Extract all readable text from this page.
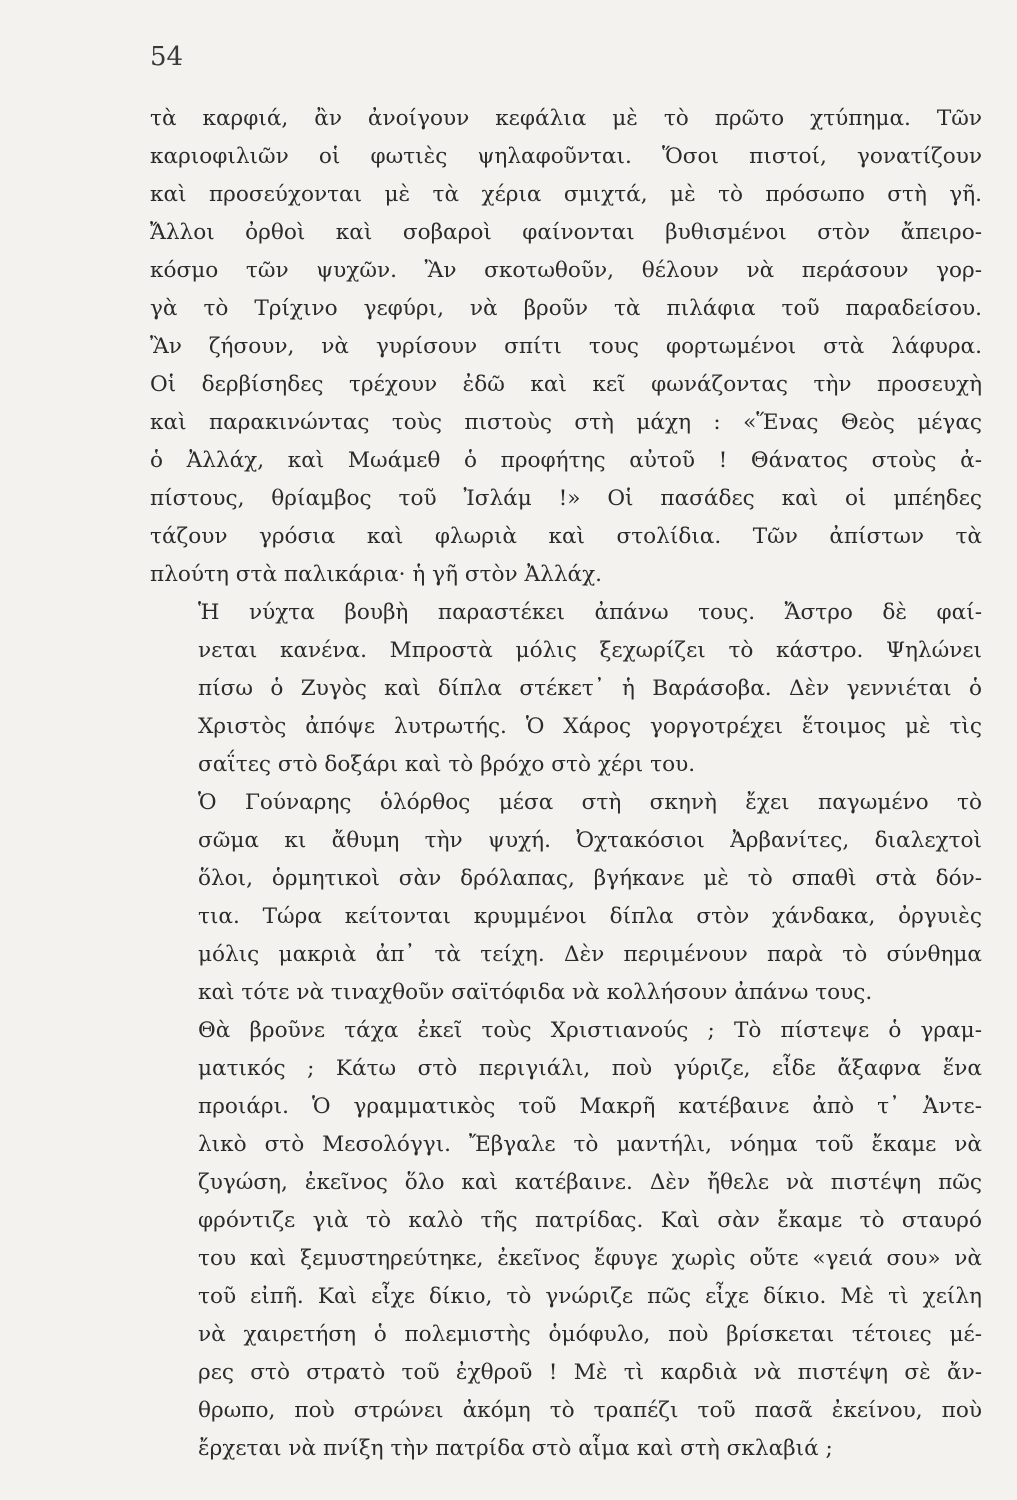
54
τὰ καρφιά, ἂν ἀνοίγουν κεφάλια μὲ τὸ πρῶτο χτύπημα. Τῶν
καριοφιλιῶν οἱ φωτιὲς ψηλαφοῦνται. Ὅσοι πιστοί, γονατίζουν
καὶ προσεύχονται μὲ τὰ χέρια σμιχτά, μὲ τὸ πρόσωπο στὴ γῆ.
Ἄλλοι ὀρθοὶ καὶ σοβαροὶ φαίνονται βυθισμένοι στὸν ἄπειρο-
κόσμο τῶν ψυχῶν. Ἂν σκοτωθοῦν, θέλουν νὰ περάσουν γορ-
γὰ τὸ Τρίχινο γεφύρι, νὰ βροῦν τὰ πιλάφια τοῦ παραδείσου.
Ἂν ζήσουν, νὰ γυρίσουν σπίτι τους φορτωμένοι στὰ λάφυρα.
Οἱ δερβίσηδες τρέχουν ἐδῶ καὶ κεῖ φωνάζοντας τὴν προσευχὴ
καὶ παρακινώντας τοὺς πιστοὺς στὴ μάχη : «Ἕνας Θεὸς μέγας
ὁ Ἀλλάχ, καὶ Μωάμεθ ὁ προφήτης αὐτοῦ ! Θάνατος στοὺς ἀ-
πίστους, θρίαμβος τοῦ Ἰσλάμ !» Οἱ πασάδες καὶ οἱ μπέηδες
τάζουν γρόσια καὶ φλωριὰ καὶ στολίδια. Τῶν ἀπίστων τὰ
πλούτη στὰ παλικάρια· ἡ γῆ στὸν Ἀλλάχ.
Ἡ νύχτα βουβὴ παραστέκει ἀπάνω τους. Ἄστρο δὲ φαί-
νεται κανένα. Μπροστὰ μόλις ξεχωρίζει τὸ κάστρο. Ψηλώνει
πίσω ὁ Ζυγὸς καὶ δίπλα στέκετ᾽ ἡ Βαράσοβα. Δὲν γεννιέται ὁ
Χριστὸς ἀπόψε λυτρωτής. Ὁ Χάρος γοργοτρέχει ἕτοιμος μὲ τὶς
σαΐτες στὸ δοξάρι καὶ τὸ βρόχο στὸ χέρι του.
Ὁ Γούναρης ὁλόρθος μέσα στὴ σκηνὴ ἔχει παγωμένο τὸ
σῶμα κι ἄθυμη τὴν ψυχή. Ὀχτακόσιοι Ἀρβανίτες, διαλεχτοὶ
ὅλοι, ὁρμητικοὶ σὰν δρόλαπας, βγήκανε μὲ τὸ σπαθὶ στὰ δόν-
τια. Τώρα κείτονται κρυμμένοι δίπλα στὸν χάνδακα, ὀργυιὲς
μόλις μακριὰ ἀπ᾽ τὰ τείχη. Δὲν περιμένουν παρὰ τὸ σύνθημα
καὶ τότε νὰ τιναχθοῦν σαϊτόφιδα νὰ κολλήσουν ἀπάνω τους.
Θὰ βροῦνε τάχα ἐκεῖ τοὺς Χριστιανούς ; Τὸ πίστεψε ὁ γραμ-
ματικός ; Κάτω στὸ περιγιάλι, ποὺ γύριζε, εἶδε ἄξαφνα ἕνα
προιάρι. Ὁ γραμματικὸς τοῦ Μακρῆ κατέβαινε ἀπὸ τ᾽ Ἀντε-
λικὸ στὸ Μεσολόγγι. Ἔβγαλε τὸ μαντήλι, νόημα τοῦ ἔκαμε νὰ
ζυγώση, ἐκεῖνος ὅλο καὶ κατέβαινε. Δὲν ἤθελε νὰ πιστέψη πῶς
φρόντιζε γιὰ τὸ καλὸ τῆς πατρίδας. Καὶ σὰν ἔκαμε τὸ σταυρό
του καὶ ξεμυστηρεύτηκε, ἐκεῖνος ἔφυγε χωρὶς οὔτε «γειά σου» νὰ
τοῦ εἰπῆ. Καὶ εἶχε δίκιο, τὸ γνώριζε πῶς εἶχε δίκιο. Μὲ τὶ χείλη
νὰ χαιρετήση ὁ πολεμιστὴς ὁμόφυλο, ποὺ βρίσκεται τέτοιες μέ-
ρες στὸ στρατὸ τοῦ ἐχθροῦ ! Μὲ τὶ καρδιὰ νὰ πιστέψη σὲ ἄν-
θρωπο, ποὺ στρώνει ἀκόμη τὸ τραπέζι τοῦ πασᾶ ἐκείνου, ποὺ
ἔρχεται νὰ πνίξη τὴν πατρίδα στὸ αἷμα καὶ στὴ σκλαβιά ;
